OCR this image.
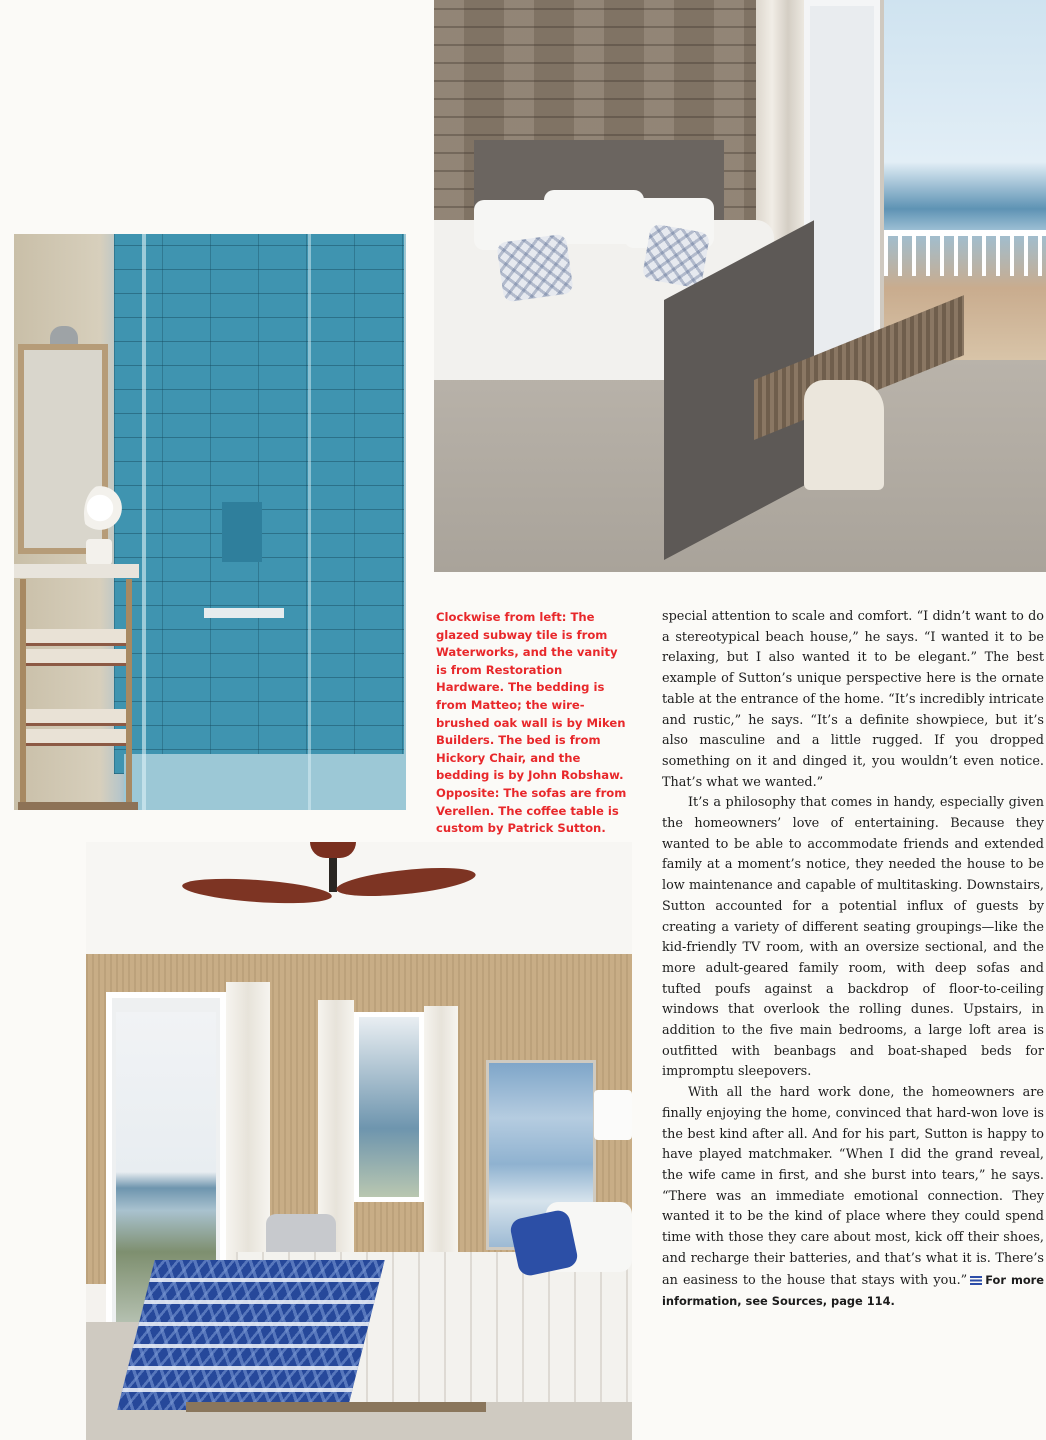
Clockwise from left: The glazed subway tile is from Waterworks, and the vanity is from Restoration Hardware. The bedding is from Matteo; the wire-brushed oak wall is by Miken Builders. The bed is from Hickory Chair, and the bedding is by John Robshaw. Opposite: The sofas are from Verellen. The coffee table is custom by Patrick Sutton.

special attention to scale and comfort. “I didn’t want to do a stereotypical beach house,” he says. “I wanted it to be relaxing, but I also wanted it to be elegant.” The best example of Sutton’s unique perspective here is the ornate table at the entrance of the home. “It’s incredibly intricate and rustic,” he says. “It’s a definite showpiece, but it’s also masculine and a little rugged. If you dropped something on it and dinged it, you wouldn’t even notice. That’s what we wanted.”

It’s a philosophy that comes in handy, especially given the homeowners’ love of entertaining. Because they wanted to be able to accommodate friends and extended family at a moment’s notice, they needed the house to be low maintenance and capable of multitasking. Downstairs, Sutton accounted for a potential influx of guests by creating a variety of different seating groupings—like the kid-friendly TV room, with an oversize sectional, and the more adult-geared family room, with deep sofas and tufted poufs against a backdrop of floor-to-ceiling windows that overlook the rolling dunes. Upstairs, in addition to the five main bedrooms, a large loft area is outfitted with beanbags and boat-shaped beds for impromptu sleepovers.

With all the hard work done, the homeowners are finally enjoying the home, convinced that hard-won love is the best kind after all. And for his part, Sutton is happy to have played matchmaker. “When I did the grand reveal, the wife came in first, and she burst into tears,” he says. “There was an immediate emotional connection. They wanted it to be the kind of place where they could spend time with those they care about most, kick off their shoes, and recharge their batteries, and that’s what it is. There’s an easiness to the house that stays with you.” For more information, see Sources, page 114.
